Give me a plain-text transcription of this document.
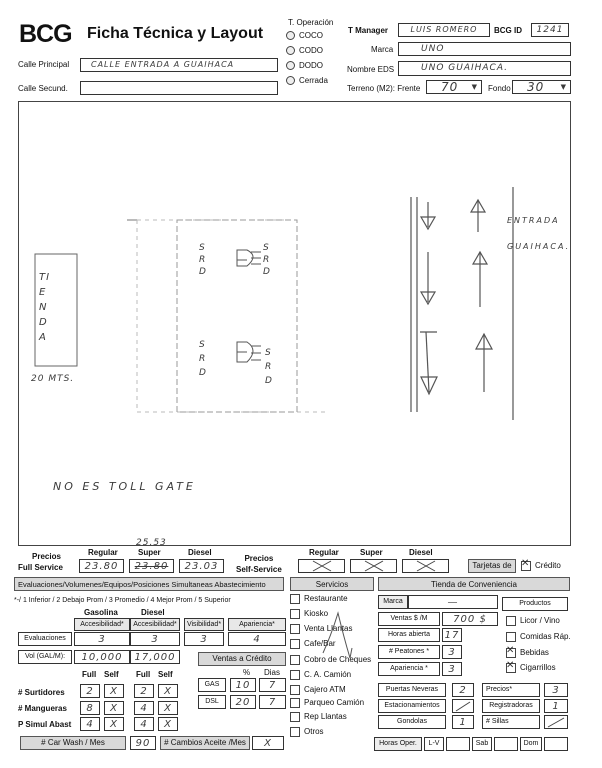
BCG Ficha Técnica y Layout
Calle Principal	CALLE ENTRADA A GUAIHACA
Calle Secund.
T. Operación
COCO
CODO
DODO
Cerrada
T Manager	LUIS ROMERO	BCG ID	1241
Marca	UNO
Nombre EDS	UNO GUAIHACA.
Terreno (M2): Frente	70 ▼ Fondo	30 ▼
TIENDA
20 MTS.
S
R
D
S
R
D
S
R
D
S
R
D
ENTRADA
GUAIHACA.
NO ES TOLL GATE
Precios
Full Service
Regular	Super	Diesel
25.53
23.80	23.80	23.03
Precios
Self-Service
Regular	Super	Diesel
Tarjetas de ✕	Crédito
Evaluaciones/Volumenes/Equipos/Posiciones Simultaneas Abastecimiento
*-/ 1 Inferior / 2 Debajo Prom / 3 Promedio / 4 Mejor Prom / 5 Superior
Gasolina	Diesel
Accesibilidad*	Accesibilidad*	Visibilidad*	Apariencia*
Evaluaciones	3	3	3	4
Vol (GAL/M):	10,000	17,000	Ventas a Crédito
Full Self Full Self	% Dias
# Surtidores	2	X	2	X
# Mangueras	8	X	4	X
P Simul Abast	4	X	4	X
GAS	10	7
DSL	20	7
# Car Wash / Mes	90	# Cambios Aceite /Mes	X
Servicios
Restaurante
Kiosko
Venta Llantas
Cafe/Bar
Cobro de Cheques
C. A. Camión
Cajero ATM
Parqueo Camión
Rep Llantas
Otros
Tienda de Conveniencia
Marca	—	Productos
Ventas $ /M	700 $
Horas abierta	17
# Peatones *	3
Apariencia *	3
Licor / Vino
Comidas Ráp.
✕Bebidas
✕Cigarrillos
Puertas Neveras	2
Estacionamientos
Gondolas	1
Precios*	3
Registradoras	1
# Sillas
Horas Oper.	L-V	Sab	Dom
